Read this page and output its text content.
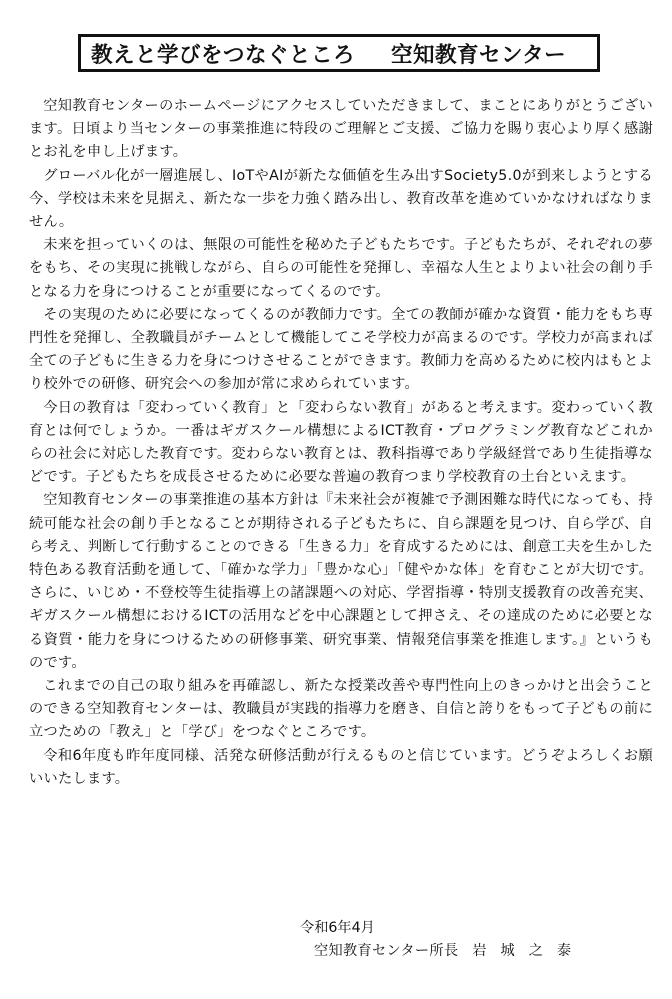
教えと学びをつなぐところ 空知教育センター

空知教育センターのホームページにアクセスしていただきまして、まことにありがとうございます。日頃より当センターの事業推進に特段のご理解とご支援、ご協力を賜り衷心より厚く感謝とお礼を申し上げます。

グローバル化が一層進展し、IoTやAIが新たな価値を生み出すSociety5.0が到来しようとする今、学校は未来を見据え、新たな一歩を力強く踏み出し、教育改革を進めていかなければなりません。

未来を担っていくのは、無限の可能性を秘めた子どもたちです。子どもたちが、それぞれの夢をもち、その実現に挑戦しながら、自らの可能性を発揮し、幸福な人生とよりよい社会の創り手となる力を身につけることが重要になってくるのです。

その実現のために必要になってくるのが教師力です。全ての教師が確かな資質・能力をもち専門性を発揮し、全教職員がチームとして機能してこそ学校力が高まるのです。学校力が高まれば全ての子どもに生きる力を身につけさせることができます。教師力を高めるために校内はもとより校外での研修、研究会への参加が常に求められています。

今日の教育は「変わっていく教育」と「変わらない教育」があると考えます。変わっていく教育とは何でしょうか。一番はギガスクール構想によるICT教育・プログラミング教育などこれからの社会に対応した教育です。変わらない教育とは、教科指導であり学級経営であり生徒指導などです。子どもたちを成長させるために必要な普遍の教育つまり学校教育の土台といえます。

空知教育センターの事業推進の基本方針は『未来社会が複雑で予測困難な時代になっても、持続可能な社会の創り手となることが期待される子どもたちに、自ら課題を見つけ、自ら学び、自ら考え、判断して行動することのできる「生きる力」を育成するためには、創意工夫を生かした特色ある教育活動を通して、「確かな学力」「豊かな心」「健やかな体」を育むことが大切です。さらに、いじめ・不登校等生徒指導上の諸課題への対応、学習指導・特別支援教育の改善充実、ギガスクール構想におけるICTの活用などを中心課題として押さえ、その達成のために必要となる資質・能力を身につけるための研修事業、研究事業、情報発信事業を推進します。』というものです。

これまでの自己の取り組みを再確認し、新たな授業改善や専門性向上のきっかけと出会うことのできる空知教育センターは、教職員が実践的指導力を磨き、自信と誇りをもって子どもの前に立つための「教え」と「学び」をつなぐところです。

令和6年度も昨年度同様、活発な研修活動が行えるものと信じています。どうぞよろしくお願いいたします。

令和6年4月
空知教育センター所長 岩城之泰
